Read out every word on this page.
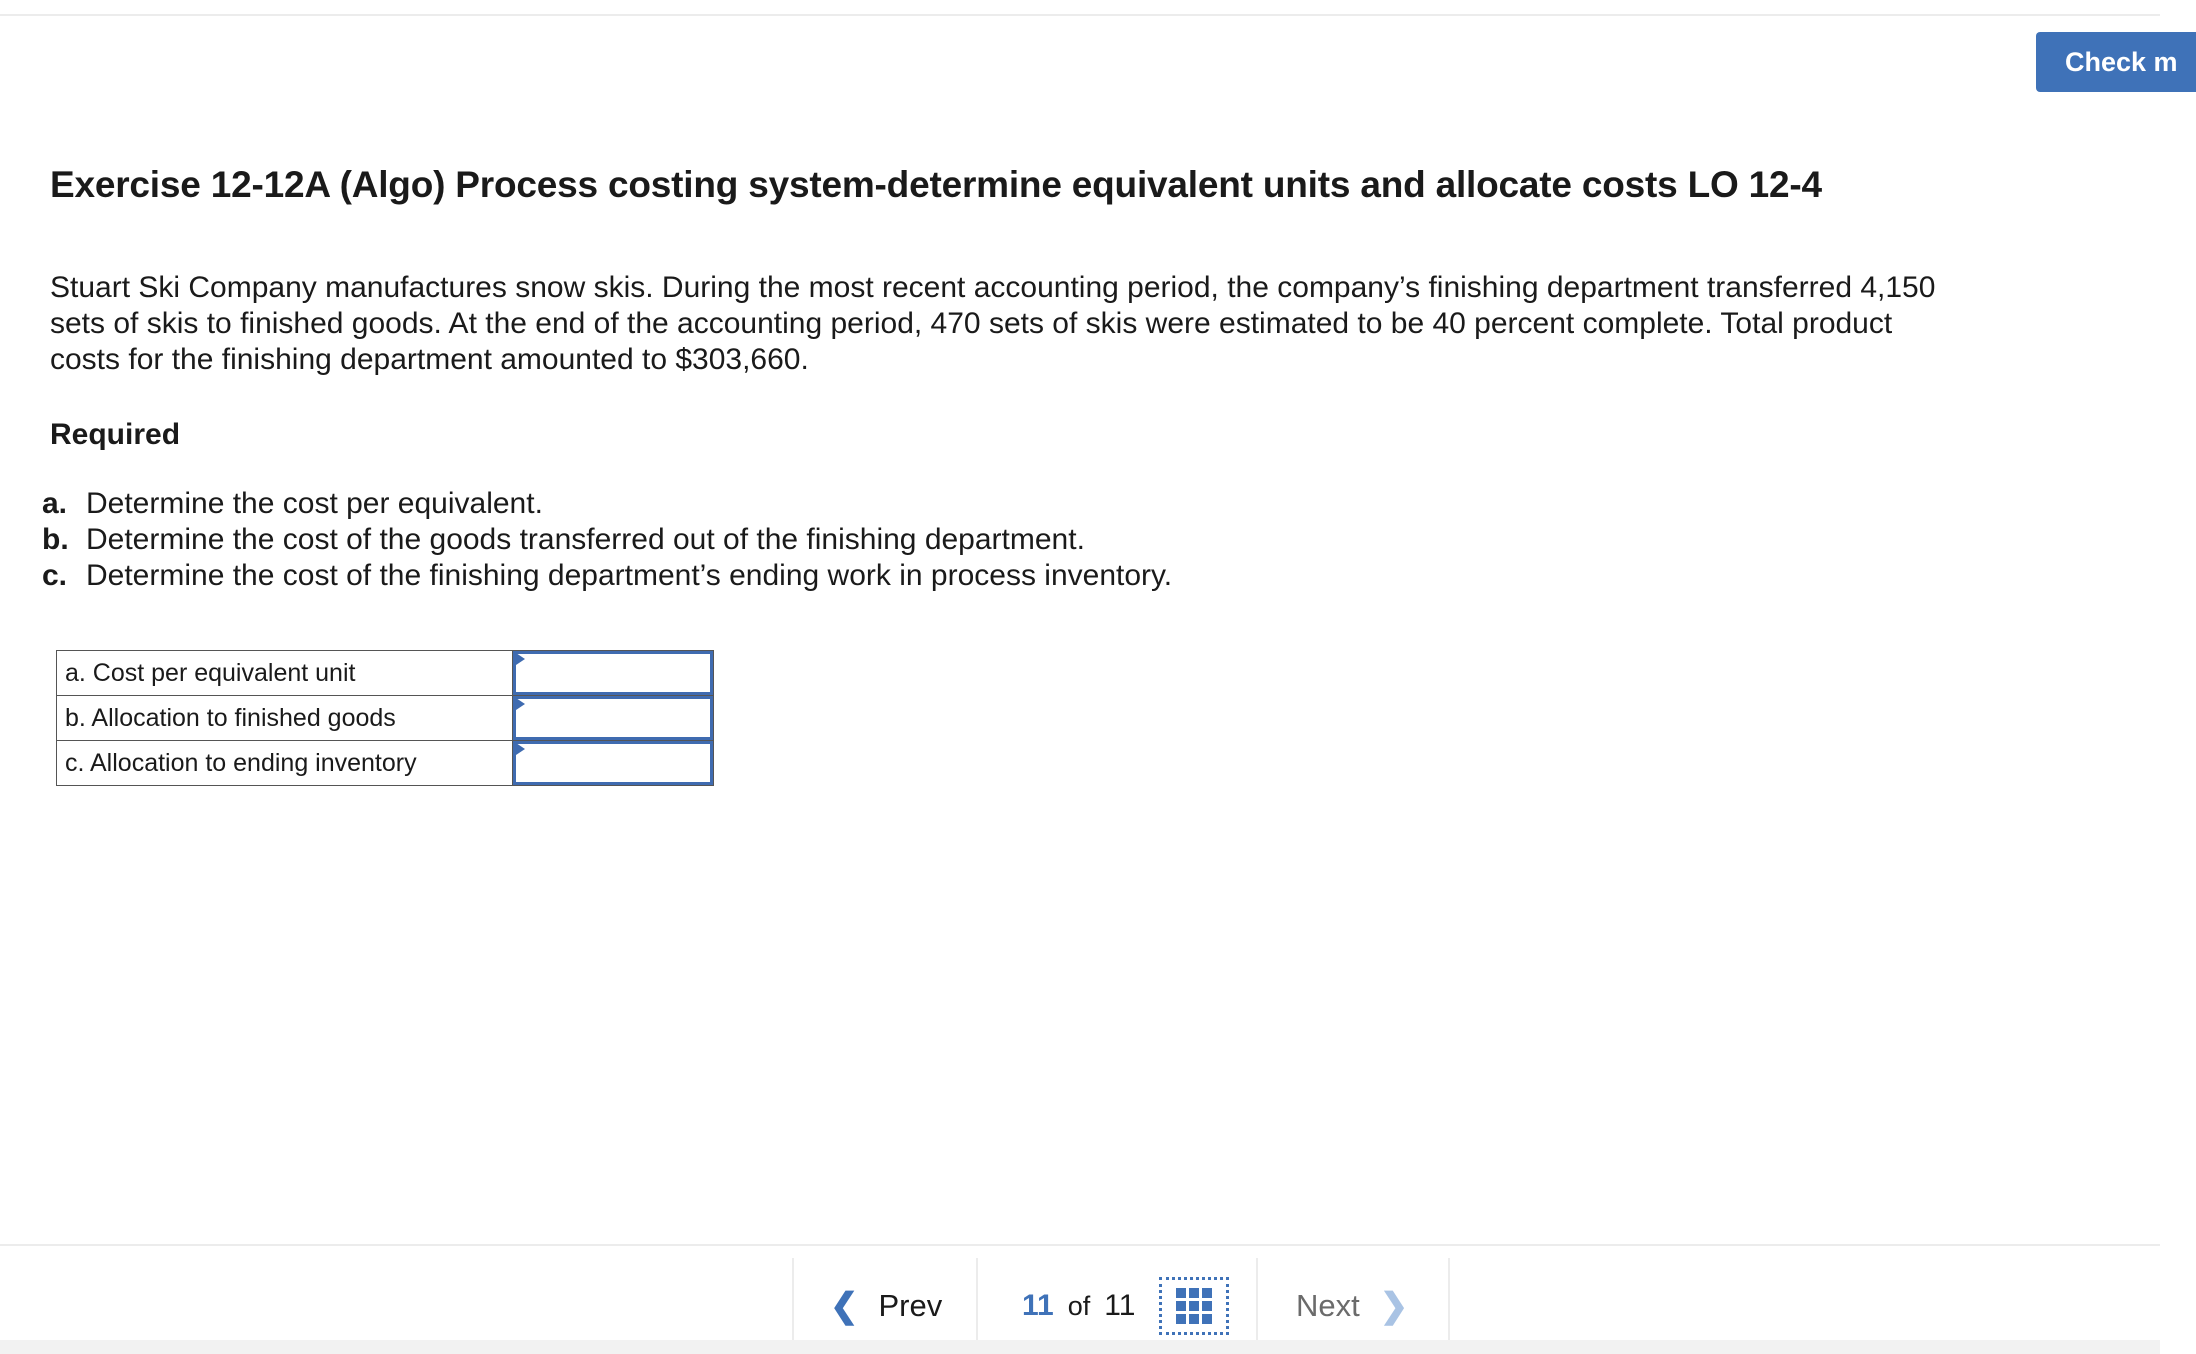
Check m
Exercise 12-12A (Algo) Process costing system-determine equivalent units and allocate costs LO 12-4

Stuart Ski Company manufactures snow skis. During the most recent accounting period, the company’s finishing department transferred 4,150 sets of skis to finished goods. At the end of the accounting period, 470 sets of skis were estimated to be 40 percent complete. Total product costs for the finishing department amounted to $303,660.

Required
a. Determine the cost per equivalent.
b. Determine the cost of the goods transferred out of the finishing department.
c. Determine the cost of the finishing department’s ending work in process inventory.
a. Cost per equivalent unit	

b. Allocation to finished goods	

c. Allocation to ending inventory	
❮ Prev	11 of 11	Next ❯
